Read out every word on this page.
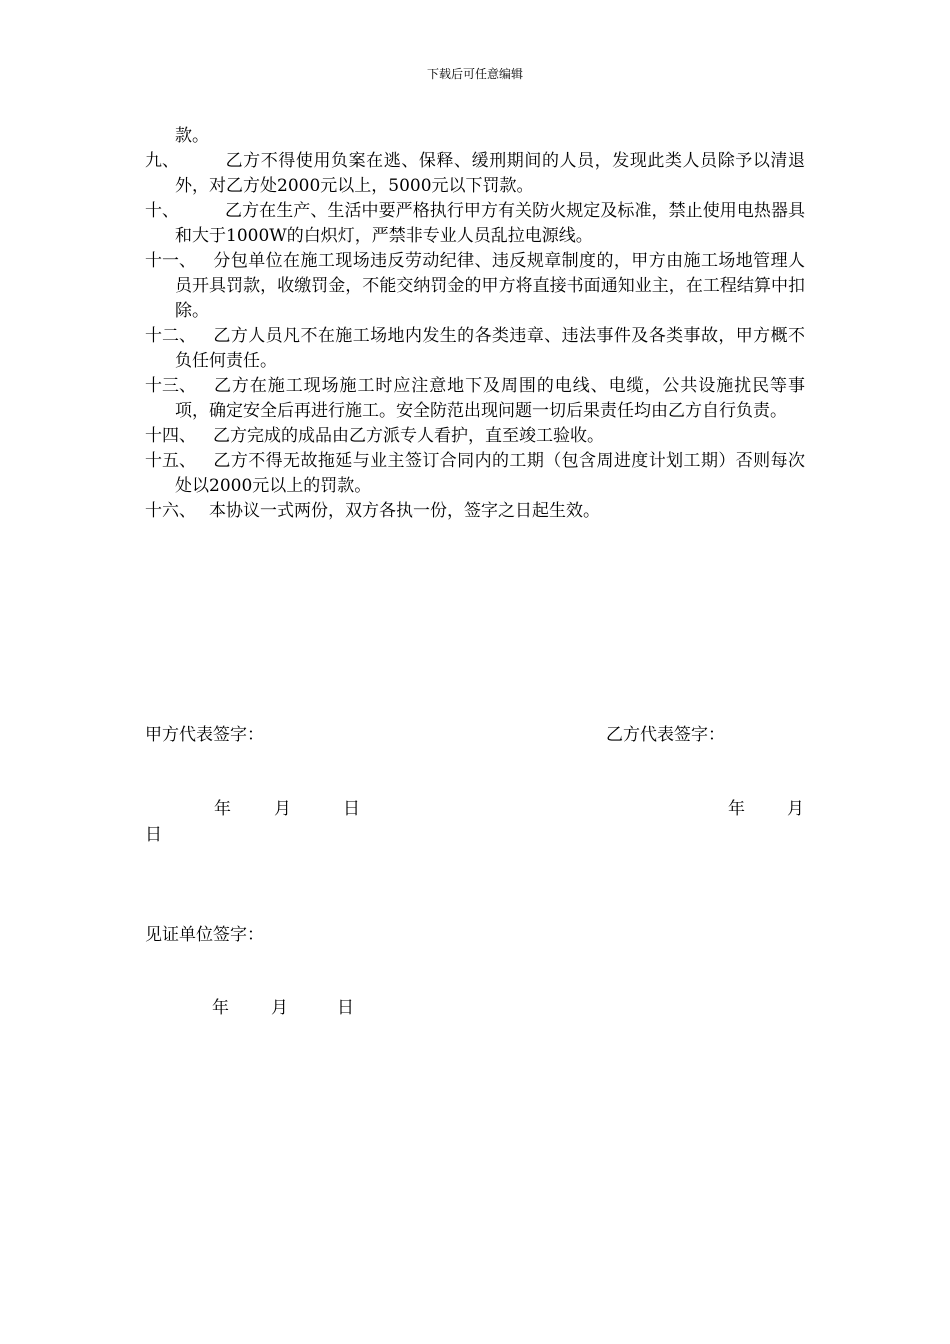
下载后可任意编辑
款。
九、	乙方不得使用负案在逃、保释、缓刑期间的人员，发现此类人员除予以清退外，对乙方处2000元以上，5000元以下罚款。
十、	乙方在生产、生活中要严格执行甲方有关防火规定及标准，禁止使用电热器具和大于1000W的白炽灯，严禁非专业人员乱拉电源线。
十一、 分包单位在施工现场违反劳动纪律、违反规章制度的，甲方由施工场地管理人员开具罚款，收缴罚金，不能交纳罚金的甲方将直接书面通知业主，在工程结算中扣除。
十二、 乙方人员凡不在施工场地内发生的各类违章、违法事件及各类事故，甲方概不负任何责任。
十三、 乙方在施工现场施工时应注意地下及周围的电线、电缆，公共设施扰民等事项，确定安全后再进行施工。安全防范出现问题一切后果责任均由乙方自行负责。
十四、 乙方完成的成品由乙方派专人看护，直至竣工验收。
十五、 乙方不得无故拖延与业主签订合同内的工期（包含周进度计划工期）否则每次处以2000元以上的罚款。
十六、 本协议一式两份，双方各执一份，签字之日起生效。
甲方代表签字：	乙方代表签字：
年	月	日	年 月
日
见证单位签字：
年 月	日
